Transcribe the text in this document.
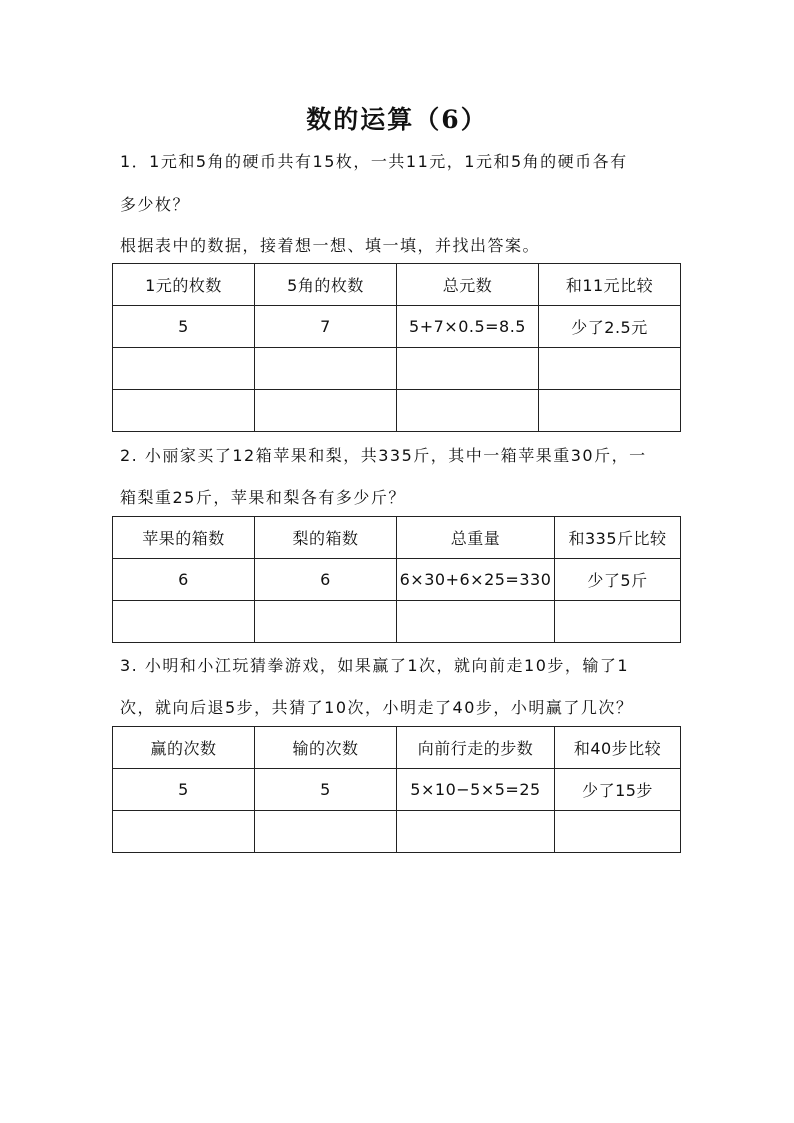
数的运算（6）
1．1元和5角的硬币共有15枚，一共11元，1元和5角的硬币各有
多少枚？
根据表中的数据，接着想一想、填一填，并找出答案。
1元的枚数	5角的枚数	总元数	和11元比较
5	7	5+7×0.5=8.5	少了2.5元

2. 小丽家买了12箱苹果和梨，共335斤，其中一箱苹果重30斤，一
箱梨重25斤，苹果和梨各有多少斤？
苹果的箱数	梨的箱数	总重量	和335斤比较
6	6	6×30+6×25=330	少了5斤

3. 小明和小江玩猜拳游戏，如果赢了1次，就向前走10步，输了1
次，就向后退5步，共猜了10次，小明走了40步，小明赢了几次？
赢的次数	输的次数	向前行走的步数	和40步比较
5	5	5×10−5×5=25	少了15步
